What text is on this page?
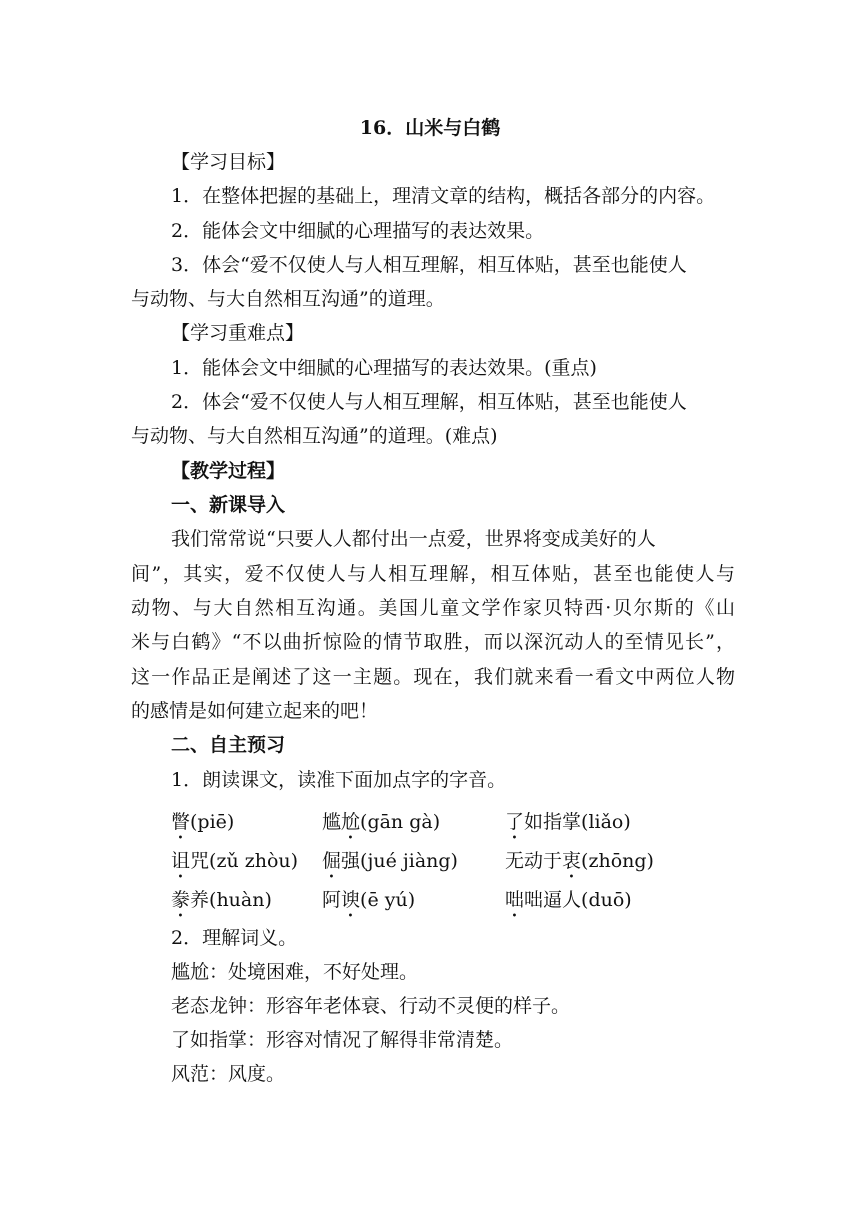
16．山米与白鹤
【学习目标】
1．在整体把握的基础上，理清文章的结构，概括各部分的内容。
2．能体会文中细腻的心理描写的表达效果。
3．体会“爱不仅使人与人相互理解，相互体贴，甚至也能使人
与动物、与大自然相互沟通”的道理。
【学习重难点】
1．能体会文中细腻的心理描写的表达效果。(重点)
2．体会“爱不仅使人与人相互理解，相互体贴，甚至也能使人
与动物、与大自然相互沟通”的道理。(难点)
【教学过程】
一、新课导入
我们常常说“只要人人都付出一点爱，世界将变成美好的人
间”，其实，爱不仅使人与人相互理解，相互体贴，甚至也能使人与
动物、与大自然相互沟通。美国儿童文学作家贝特西·贝尔斯的《山
米与白鹤》“不以曲折惊险的情节取胜，而以深沉动人的至情见长”，
这一作品正是阐述了这一主题。现在，我们就来看一看文中两位人物
的感情是如何建立起来的吧！
二、自主预习
1．朗读课文，读准下面加点字的字音。
瞥(piē)	尴尬(gān gà)	了如指掌(liǎo)
诅咒(zǔ zhòu) 倔强(jué jiàng) 无动于衷(zhōng)
豢养(huàn)	阿谀(ē yú)	咄咄逼人(duō)
2．理解词义。
尴尬：处境困难，不好处理。
老态龙钟：形容年老体衰、行动不灵便的样子。
了如指掌：形容对情况了解得非常清楚。
风范：风度。
